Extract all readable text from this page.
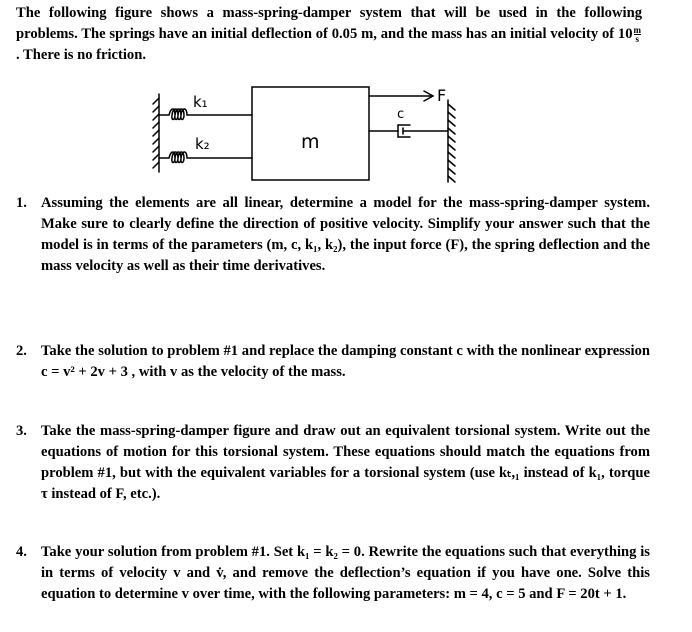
The following figure shows a mass-spring-damper system that will be used in the following problems. The springs have an initial deflection of 0.05 m, and the mass has an initial velocity of $10 \frac{m}{s}$
. There is no friction.
k₁
k₂	m
c
F
1. Assuming the elements are all linear, determine a model for the mass-spring-damper system. Make sure to clearly define the direction of positive velocity. Simplify your answer such that the model is in terms of the parameters (m, c, k₁, k₂), the input force (F), the spring deflection and the mass velocity as well as their time derivatives.
2. Take the solution to problem #1 and replace the damping constant c with the nonlinear expression c = v² + 2v + 3 , with v as the velocity of the mass.
3. Take the mass-spring-damper figure and draw out an equivalent torsional system. Write out the equations of motion for this torsional system. These equations should match the equations from problem #1, but with the equivalent variables for a torsional system (use kₜ,₁ instead of k₁, torque τ instead of F, etc.).
4. Take your solution from problem #1. Set k₁ = k₂ = 0. Rewrite the equations such that everything is in terms of velocity v and v̇, and remove the deflection’s equation if you have one. Solve this equation to determine v over time, with the following parameters: m = 4, c = 5 and F = 20t + 1.
